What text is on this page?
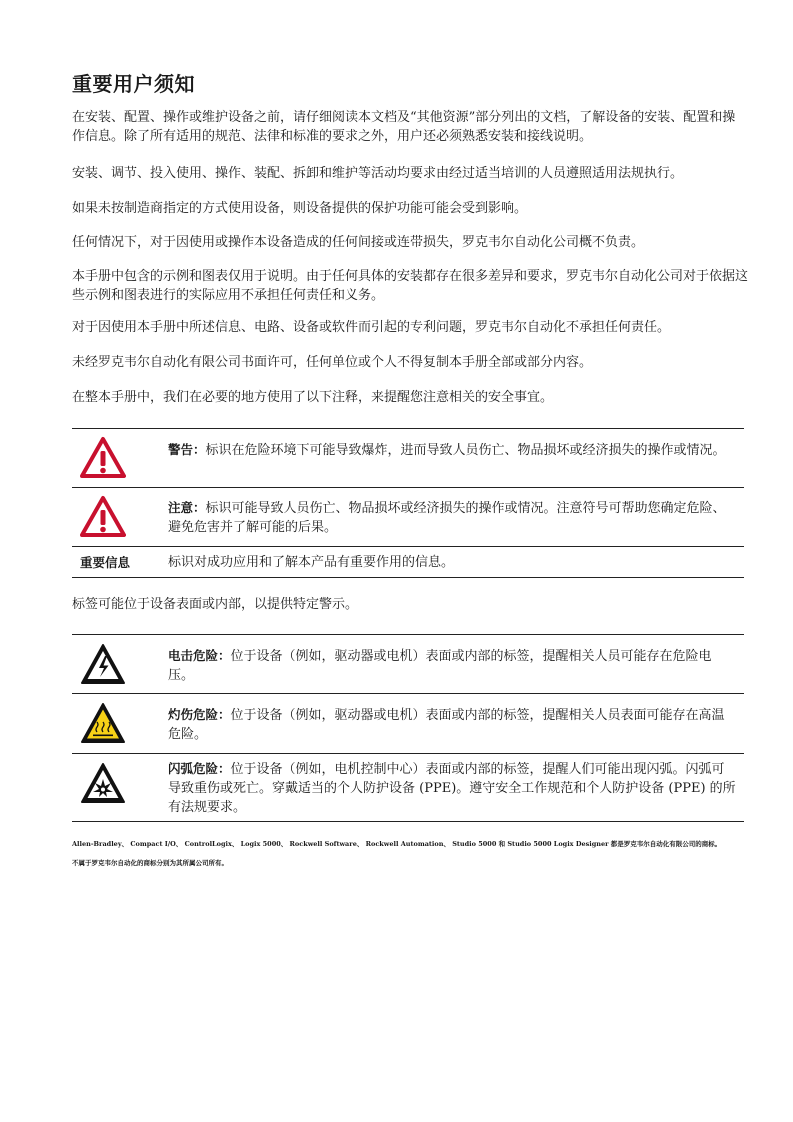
重要用户须知
在安装、配置、操作或维护设备之前，请仔细阅读本文档及“其他资源”部分列出的文档，了解设备的安装、配置和操作信息。除了所有适用的规范、法律和标准的要求之外，用户还必须熟悉安装和接线说明。
安装、调节、投入使用、操作、装配、拆卸和维护等活动均要求由经过适当培训的人员遵照适用法规执行。
如果未按制造商指定的方式使用设备，则设备提供的保护功能可能会受到影响。
任何情况下，对于因使用或操作本设备造成的任何间接或连带损失，罗克韦尔自动化公司概不负责。
本手册中包含的示例和图表仅用于说明。由于任何具体的安装都存在很多差异和要求，罗克韦尔自动化公司对于依据这些示例和图表进行的实际应用不承担任何责任和义务。
对于因使用本手册中所述信息、电路、设备或软件而引起的专利问题，罗克韦尔自动化不承担任何责任。
未经罗克韦尔自动化有限公司书面许可，任何单位或个人不得复制本手册全部或部分内容。
在整本手册中，我们在必要的地方使用了以下注释，来提醒您注意相关的安全事宜。
警告：标识在危险环境下可能导致爆炸，进而导致人员伤亡、物品损坏或经济损失的操作或情况。
注意：标识可能导致人员伤亡、物品损坏或经济损失的操作或情况。注意符号可帮助您确定危险、避免危害并了解可能的后果。
重要信息	标识对成功应用和了解本产品有重要作用的信息。
标签可能位于设备表面或内部，以提供特定警示。
电击危险：位于设备（例如，驱动器或电机）表面或内部的标签，提醒相关人员可能存在危险电压。
灼伤危险：位于设备（例如，驱动器或电机）表面或内部的标签，提醒相关人员表面可能存在高温危险。
闪弧危险：位于设备（例如，电机控制中心）表面或内部的标签，提醒人们可能出现闪弧。闪弧可导致重伤或死亡。穿戴适当的个人防护设备 (PPE)。遵守安全工作规范和个人防护设备 (PPE) 的所有法规要求。
Allen-Bradley、 Compact I/O、 ControlLogix、 Logix 5000、 Rockwell Software、 Rockwell Automation、 Studio 5000 和 Studio 5000 Logix Designer 都是罗克韦尔自动化有限公司的商标。
不属于罗克韦尔自动化的商标分别为其所属公司所有。
